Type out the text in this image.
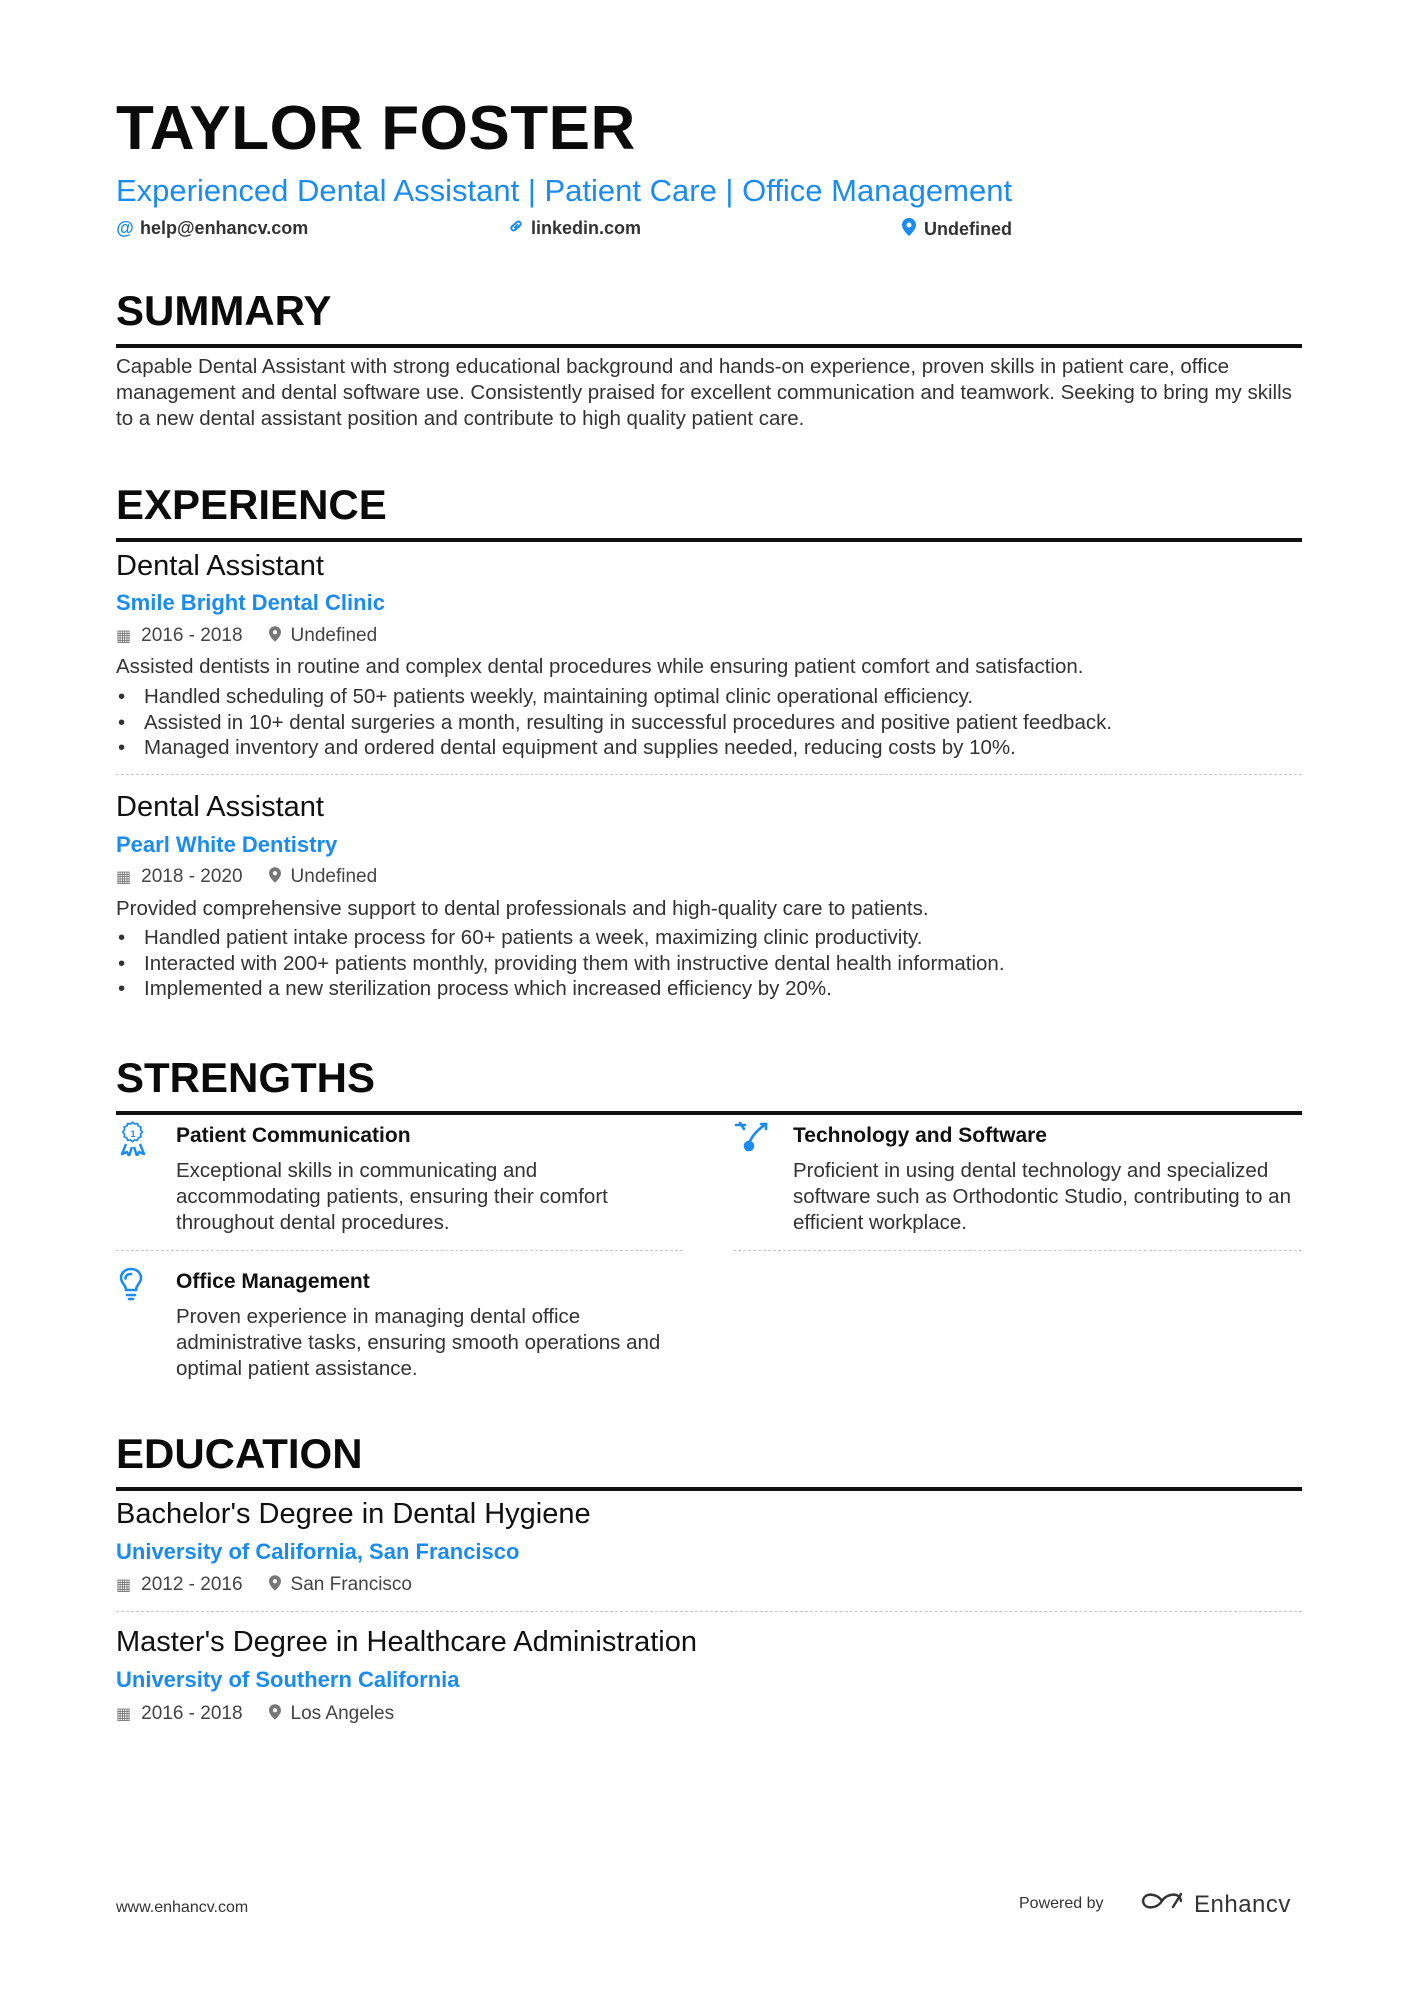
TAYLOR FOSTER
Experienced Dental Assistant | Patient Care | Office Management
@ help@enhancv.com	linkedin.com	Undefined
SUMMARY

Capable Dental Assistant with strong educational background and hands-on experience, proven skills in patient care, office management and dental software use. Consistently praised for excellent communication and teamwork. Seeking to bring my skills to a new dental assistant position and contribute to high quality patient care.

EXPERIENCE
Dental Assistant
Smile Bright Dental Clinic
▦ 2016 - 2018	Undefined

Assisted dentists in routine and complex dental procedures while ensuring patient comfort and satisfaction.

• Handled scheduling of 50+ patients weekly, maintaining optimal clinic operational efficiency.
• Assisted in 10+ dental surgeries a month, resulting in successful procedures and positive patient feedback.
• Managed inventory and ordered dental equipment and supplies needed, reducing costs by 10%.
Dental Assistant
Pearl White Dentistry
▦ 2018 - 2020	Undefined

Provided comprehensive support to dental professionals and high-quality care to patients.

• Handled patient intake process for 60+ patients a week, maximizing clinic productivity.
• Interacted with 200+ patients monthly, providing them with instructive dental health information.
• Implemented a new sterilization process which increased efficiency by 20%.
STRENGTHS
1 Patient Communication
Exceptional skills in communicating and accommodating patients, ensuring their comfort throughout dental procedures.
Technology and Software
Proficient in using dental technology and specialized software such as Orthodontic Studio, contributing to an efficient workplace.
Office Management
Proven experience in managing dental office administrative tasks, ensuring smooth operations and optimal patient assistance.
EDUCATION
Bachelor's Degree in Dental Hygiene
University of California, San Francisco
▦ 2012 - 2016	San Francisco
Master's Degree in Healthcare Administration
University of Southern California
▦ 2016 - 2018	Los Angeles
www.enhancv.com	Powered by	Enhancv
